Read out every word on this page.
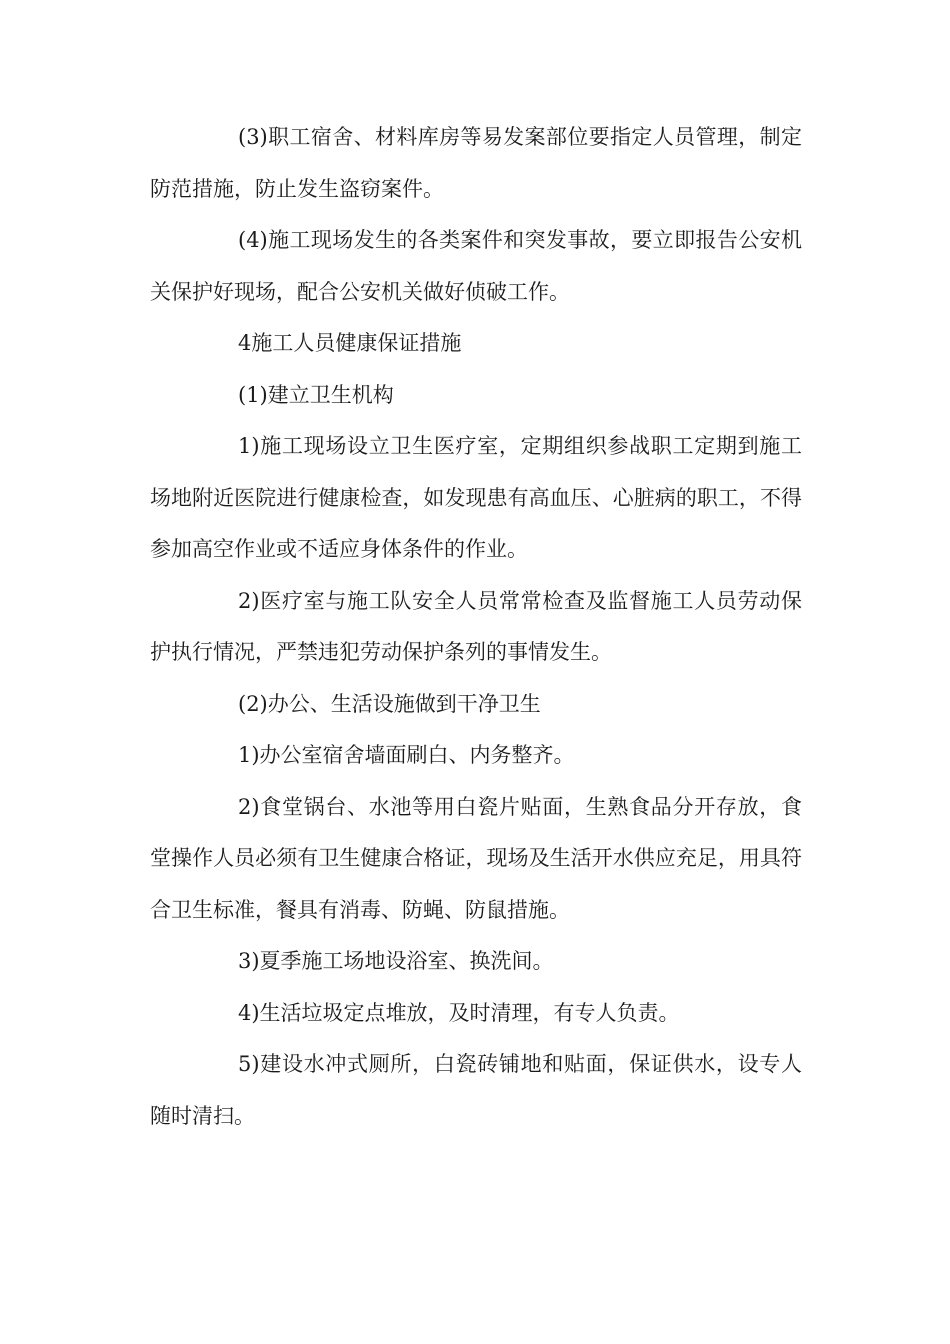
(3)职工宿舍、材料库房等易发案部位要指定人员管理，制定防范措施，防止发生盗窃案件。

(4)施工现场发生的各类案件和突发事故，要立即报告公安机关保护好现场，配合公安机关做好侦破工作。

4施工人员健康保证措施

(1)建立卫生机构

1)施工现场设立卫生医疗室，定期组织参战职工定期到施工场地附近医院进行健康检查，如发现患有高血压、心脏病的职工，不得参加高空作业或不适应身体条件的作业。

2)医疗室与施工队安全人员常常检查及监督施工人员劳动保护执行情况，严禁违犯劳动保护条列的事情发生。

(2)办公、生活设施做到干净卫生

1)办公室宿舍墙面刷白、内务整齐。

2)食堂锅台、水池等用白瓷片贴面，生熟食品分开存放，食堂操作人员必须有卫生健康合格证，现场及生活开水供应充足，用具符合卫生标准，餐具有消毒、防蝇、防鼠措施。

3)夏季施工场地设浴室、换洗间。

4)生活垃圾定点堆放，及时清理，有专人负责。

5)建设水冲式厕所，白瓷砖铺地和贴面，保证供水，设专人随时清扫。
